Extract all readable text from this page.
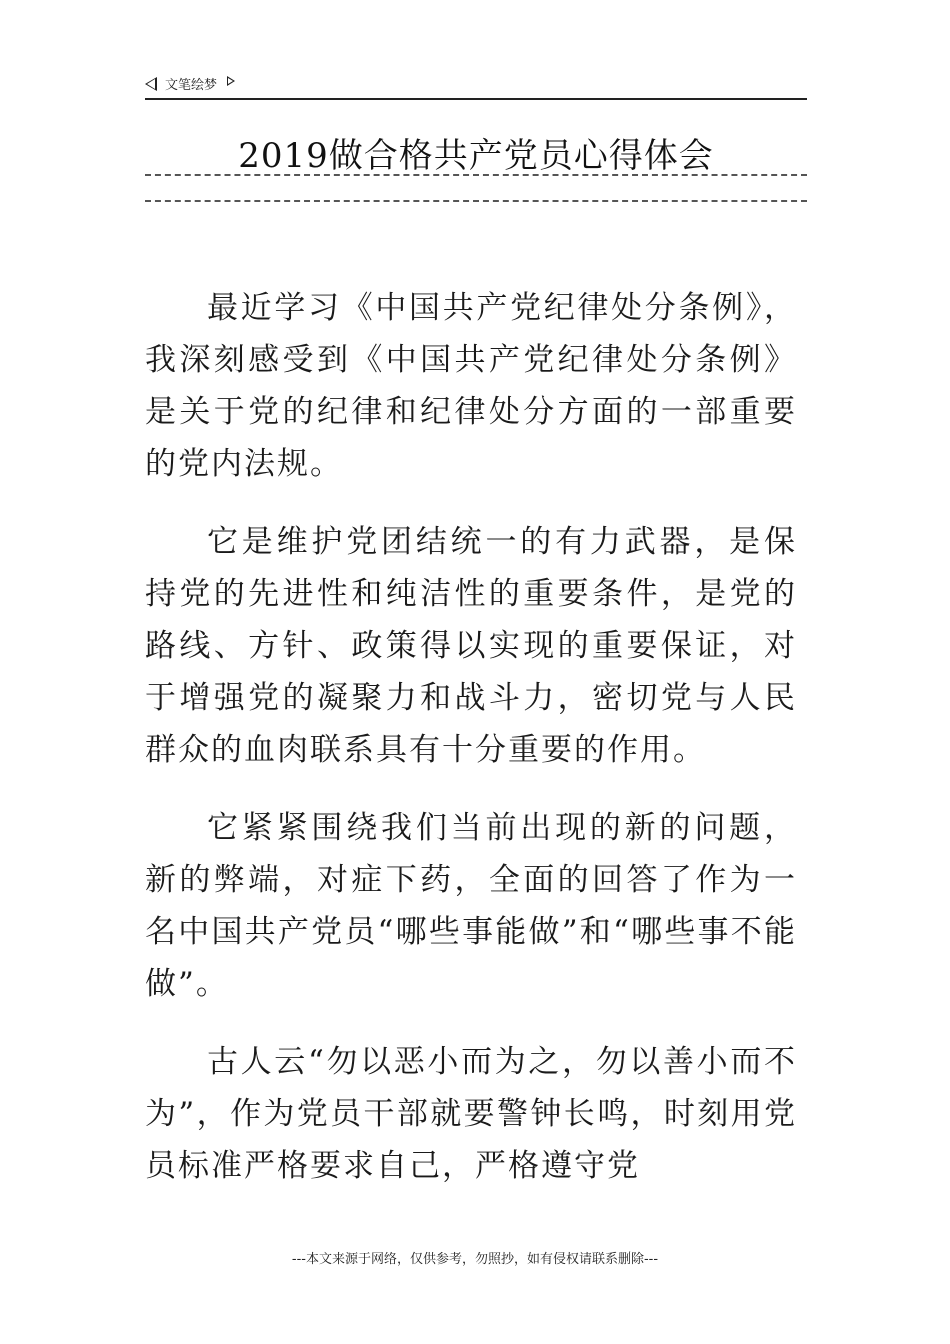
文笔绘梦
2019做合格共产党员心得体会

最近学习《中国共产党纪律处分条例》，我深刻感受到《中国共产党纪律处分条例》是关于党的纪律和纪律处分方面的一部重要的党内法规。

它是维护党团结统一的有力武器，是保持党的先进性和纯洁性的重要条件，是党的路线、方针、政策得以实现的重要保证，对于增强党的凝聚力和战斗力，密切党与人民群众的血肉联系具有十分重要的作用。

它紧紧围绕我们当前出现的新的问题，新的弊端，对症下药，全面的回答了作为一名中国共产党员“哪些事能做”和“哪些事不能做”。

古人云“勿以恶小而为之，勿以善小而不为”，作为党员干部就要警钟长鸣，时刻用党员标准严格要求自己，严格遵守党

---本文来源于网络，仅供参考，勿照抄，如有侵权请联系删除---
